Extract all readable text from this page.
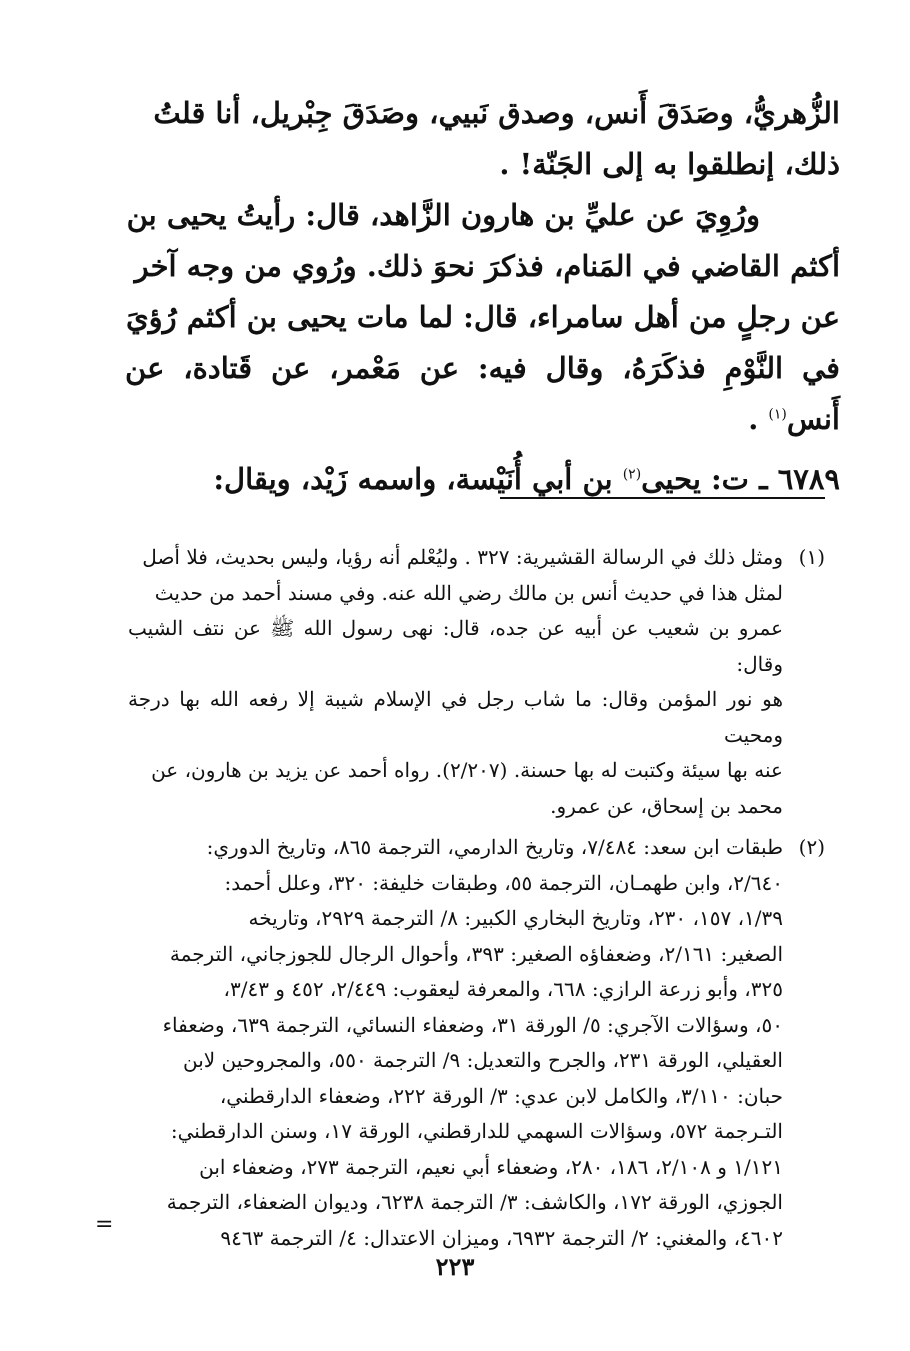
الزُّهريُّ، وصَدَقَ أَنس، وصدق نَبيي، وصَدَقَ جِبْريل، أنا قلتُ
ذلك، إنطلقوا به إلى الجَنّة! .

ورُوِيَ عن عليِّ بن هارون الزَّاهد، قال: رأيتُ يحيى بن
أكثم القاضي في المَنام، فذكرَ نحوَ ذلك. ورُوي من وجه آخر
عن رجلٍ من أهل سامراء، قال: لما مات يحيى بن أكثم رُؤيَ
في النَّوْمِ فذكَرَهُ، وقال فيه: عن مَعْمر، عن قَتادة، عن أَنس$^{(١)}$ .

٦٧٨٩ ـ ت: يحيى$^{(٢)}$ بن أبي أُنَيْسة، واسمه زَيْد، ويقال:

(١)
ومثل ذلك في الرسالة القشيرية: ٣٢٧ . وليُعْلم أنه رؤيا، وليس بحديث، فلا أصل
لمثل هذا في حديث أنس بن مالك رضي الله عنه. وفي مسند أحمد من حديث
عمرو بن شعيب عن أبيه عن جده، قال: نهى رسول الله ﷺ عن نتف الشيب وقال:
هو نور المؤمن وقال: ما شاب رجل في الإسلام شيبة إلا رفعه الله بها درجة ومحيت
عنه بها سيئة وكتبت له بها حسنة. (٢/٢٠٧). رواه أحمد عن يزيد بن هارون، عن
محمد بن إسحاق، عن عمرو.
(٢)
طبقات ابن سعد: ٧/٤٨٤، وتاريخ الدارمي، الترجمة ٨٦٥، وتاريخ الدوري:
٢/٦٤٠، وابن طهمـان، الترجمة ٥٥، وطبقات خليفة: ٣٢٠، وعلل أحمد:
١/٣٩، ١٥٧، ٢٣٠، وتاريخ البخاري الكبير: ٨/ الترجمة ٢٩٢٩، وتاريخه
الصغير: ٢/١٦١، وضعفاؤه الصغير: ٣٩٣، وأحوال الرجال للجوزجاني، الترجمة
٣٢٥، وأبو زرعة الرازي: ٦٦٨، والمعرفة ليعقوب: ٢/٤٤٩، ٤٥٢ و ٣/٤٣،
٥٠، وسؤالات الآجري: ٥/ الورقة ٣١، وضعفاء النسائي، الترجمة ٦٣٩، وضعفاء
العقيلي، الورقة ٢٣١، والجرح والتعديل: ٩/ الترجمة ٥٥٠، والمجروحين لابن
حبان: ٣/١١٠، والكامل لابن عدي: ٣/ الورقة ٢٢٢، وضعفاء الدارقطني،
التـرجمة ٥٧٢، وسؤالات السهمي للدارقطني، الورقة ١٧، وسنن الدارقطني:
١/١٢١ و ٢/١٠٨، ١٨٦، ٢٨٠، وضعفاء أبي نعيم، الترجمة ٢٧٣، وضعفاء ابن
الجوزي، الورقة ١٧٢، والكاشف: ٣/ الترجمة ٦٢٣٨، وديوان الضعفاء، الترجمة
٤٦٠٢، والمغني: ٢/ الترجمة ٦٩٣٢، وميزان الاعتدال: ٤/ الترجمة ٩٤٦٣
=
٢٢٣
